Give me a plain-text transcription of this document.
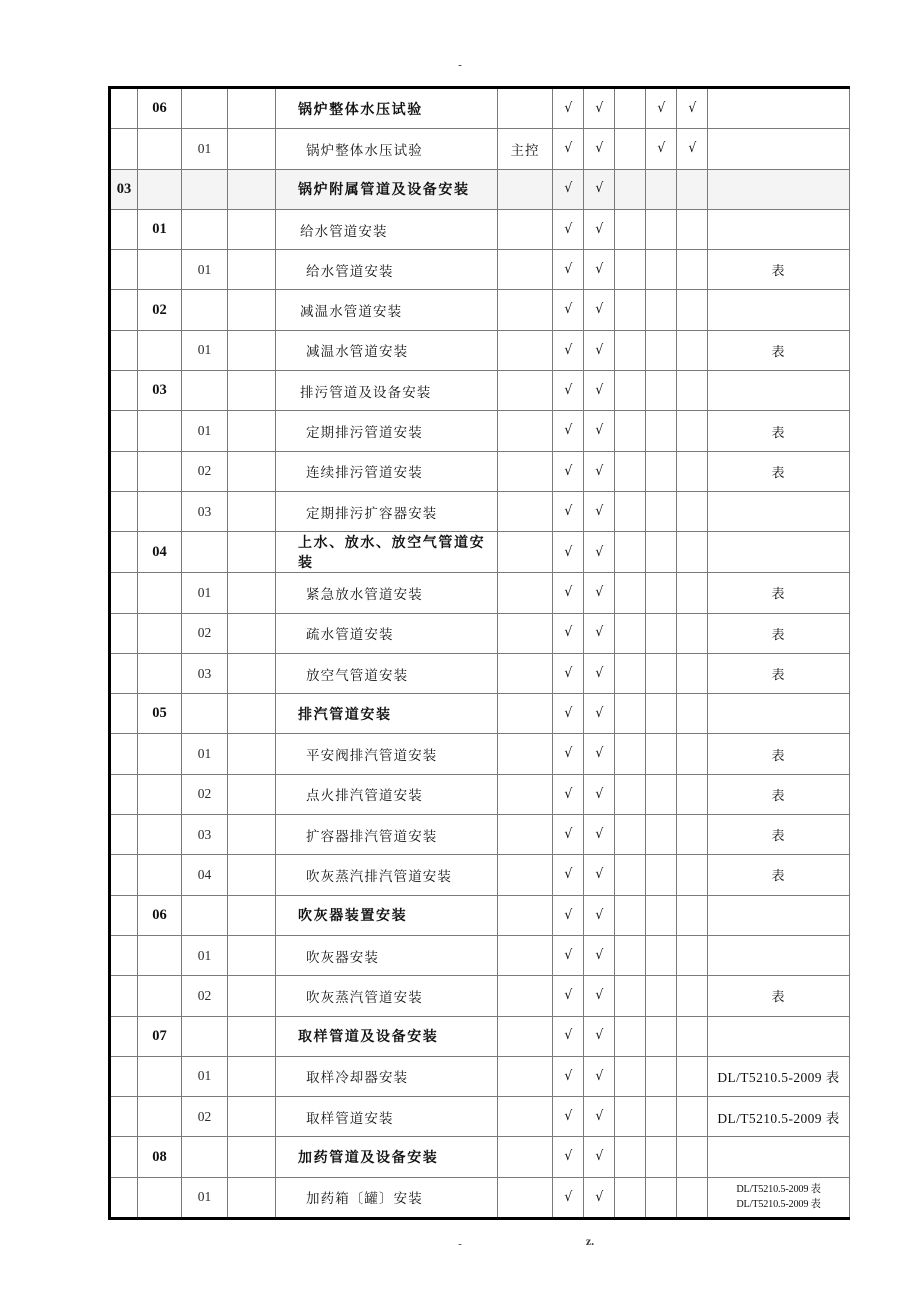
-
	06			锅炉整体水压试验		√	√		√	√	
		01		锅炉整体水压试验	主控	√	√		√	√	
03				锅炉附属管道及设备安装		√	√				
	01			给水管道安装		√	√				
		01		给水管道安装		√	√				表
	02			减温水管道安装		√	√				
		01		减温水管道安装		√	√				表
	03			排污管道及设备安装		√	√				
		01		定期排污管道安装		√	√				表
		02		连续排污管道安装		√	√				表
		03		定期排污扩容器安装		√	√				
	04			上水、放水、放空气管道安装		√	√				
		01		紧急放水管道安装		√	√				表
		02		疏水管道安装		√	√				表
		03		放空气管道安装		√	√				表
	05			排汽管道安装		√	√				
		01		平安阀排汽管道安装		√	√				表
		02		点火排汽管道安装		√	√				表
		03		扩容器排汽管道安装		√	√				表
		04		吹灰蒸汽排汽管道安装		√	√				表
	06			吹灰器装置安装		√	√				
		01		吹灰器安装		√	√				
		02		吹灰蒸汽管道安装		√	√				表
	07			取样管道及设备安装		√	√				
		01		取样冷却器安装		√	√				DL/T5210.5-2009 表
		02		取样管道安装		√	√				DL/T5210.5-2009 表
	08			加药管道及设备安装		√	√				
		01		加药箱〔罐〕安装		√	√				DL/T5210.5-2009 表
DL/T5210.5-2009 表
-	z.
